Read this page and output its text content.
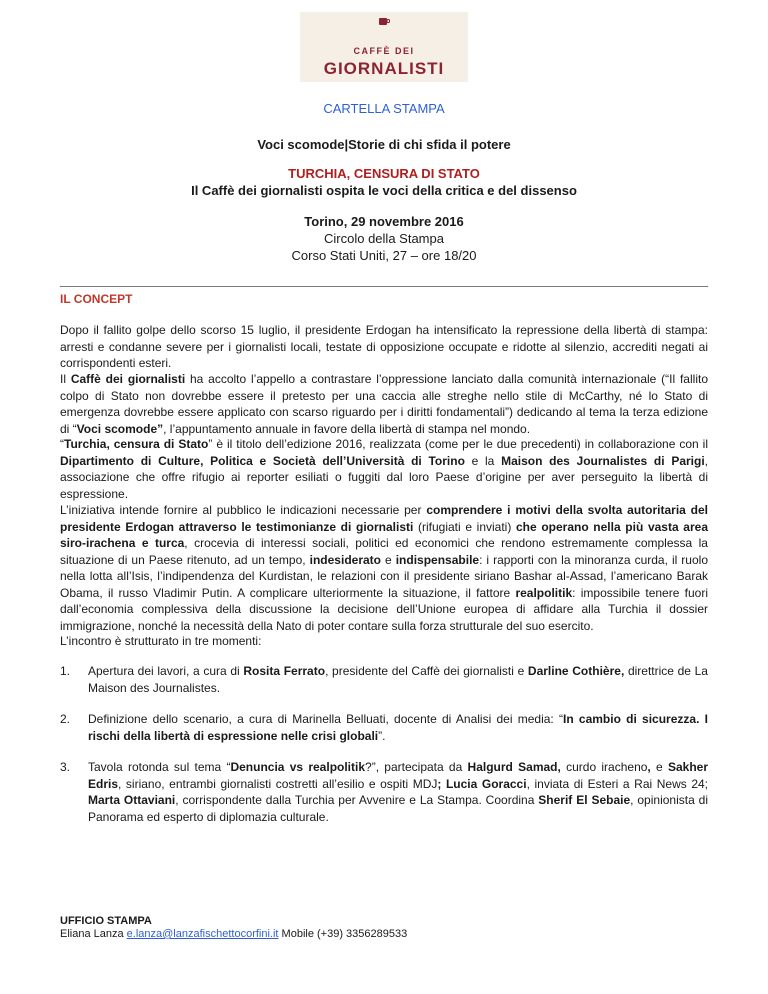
CAFFÈ DEI
GIORNALISTI
CARTELLA STAMPA
Voci scomode|Storie di chi sfida il potere
TURCHIA, CENSURA DI STATO
Il Caffè dei giornalisti ospita le voci della critica e del dissenso
Torino, 29 novembre 2016
Circolo della Stampa
Corso Stati Uniti, 27 – ore 18/20
IL CONCEPT
Dopo il fallito golpe dello scorso 15 luglio, il presidente Erdogan ha intensificato la repressione della libertà di stampa: arresti e condanne severe per i giornalisti locali, testate di opposizione occupate e ridotte al silenzio, accrediti negati ai corrispondenti esteri.
Il Caffè dei giornalisti ha accolto l’appello a contrastare l’oppressione lanciato dalla comunità internazionale (“Il fallito colpo di Stato non dovrebbe essere il pretesto per una caccia alle streghe nello stile di McCarthy, né lo Stato di emergenza dovrebbe essere applicato con scarso riguardo per i diritti fondamentali”) dedicando al tema la terza edizione di “Voci scomode”, l’appuntamento annuale in favore della libertà di stampa nel mondo.
“Turchia, censura di Stato” è il titolo dell’edizione 2016, realizzata (come per le due precedenti) in collaborazione con il Dipartimento di Culture, Politica e Società dell’Università di Torino e la Maison des Journalistes di Parigi, associazione che offre rifugio ai reporter esiliati o fuggiti dal loro Paese d’origine per aver perseguito la libertà di espressione.
L’iniziativa intende fornire al pubblico le indicazioni necessarie per comprendere i motivi della svolta autoritaria del presidente Erdogan attraverso le testimonianze di giornalisti (rifugiati e inviati) che operano nella più vasta area siro-irachena e turca, crocevia di interessi sociali, politici ed economici che rendono estremamente complessa la situazione di un Paese ritenuto, ad un tempo, indesiderato e indispensabile: i rapporti con la minoranza curda, il ruolo nella lotta all’Isis, l’indipendenza del Kurdistan, le relazioni con il presidente siriano Bashar al-Assad, l’americano Barak Obama, il russo Vladimir Putin. A complicare ulteriormente la situazione, il fattore realpolitik: impossibile tenere fuori dall’economia complessiva della discussione la decisione dell’Unione europea di affidare alla Turchia il dossier immigrazione, nonché la necessità della Nato di poter contare sulla forza strutturale del suo esercito.
L’incontro è strutturato in tre momenti:
1. Apertura dei lavori, a cura di Rosita Ferrato, presidente del Caffè dei giornalisti e Darline Cothière, direttrice de La Maison des Journalistes.
2. Definizione dello scenario, a cura di Marinella Belluati, docente di Analisi dei media: “In cambio di sicurezza. I rischi della libertà di espressione nelle crisi globali”.
3. Tavola rotonda sul tema “Denuncia vs realpolitik?”, partecipata da Halgurd Samad, curdo iracheno, e Sakher Edris, siriano, entrambi giornalisti costretti all’esilio e ospiti MDJ; Lucia Goracci, inviata di Esteri a Rai News 24; Marta Ottaviani, corrispondente dalla Turchia per Avvenire e La Stampa. Coordina Sherif El Sebaie, opinionista di Panorama ed esperto di diplomazia culturale.
UFFICIO STAMPA
Eliana Lanza e.lanza@lanzafischettocorfini.it Mobile (+39) 3356289533
